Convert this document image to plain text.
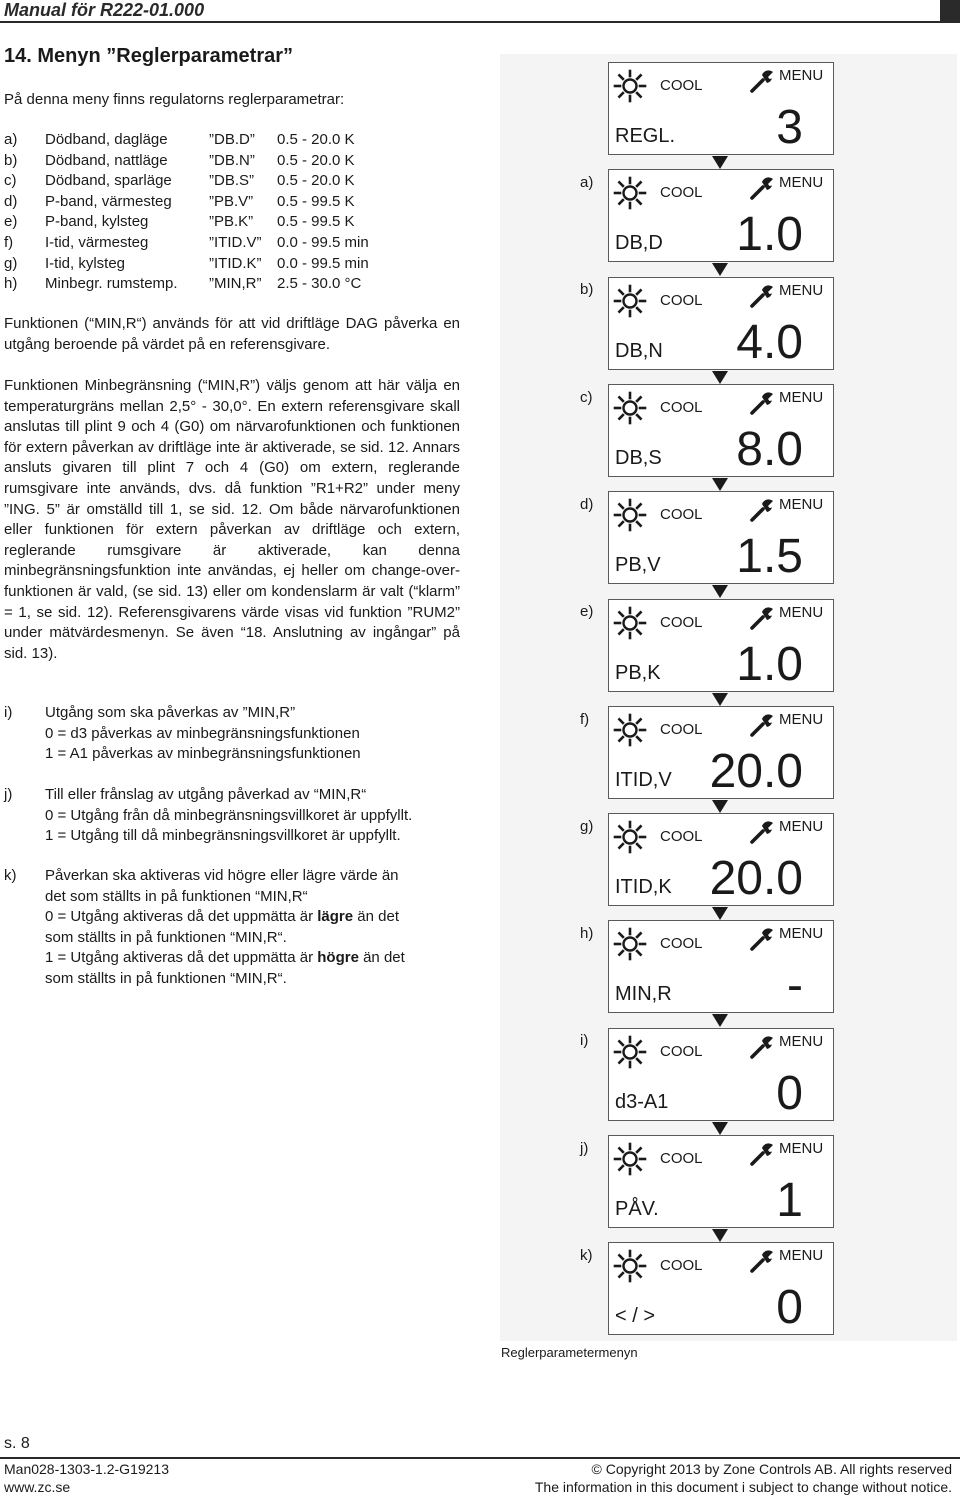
Manual för R222-01.000
14. Menyn ”Reglerparametrar”
På denna meny finns regulatorns reglerparametrar:
a) Dödband, dagläge	”DB.D” 0.5 - 20.0 K
b) Dödband, nattläge	”DB.N” 0.5 - 20.0 K
c) Dödband, sparläge ”DB.S” 0.5 - 20.0 K
d) P-band, värmesteg ”PB.V” 0.5 - 99.5 K
e) P-band, kylsteg	”PB.K” 0.5 - 99.5 K
f) I-tid, värmesteg	”ITID.V” 0.0 - 99.5 min
g) I-tid, kylsteg	”ITID.K” 0.0 - 99.5 min
h) Minbegr. rumstemp. ”MIN,R” 2.5 - 30.0 °C
Funktionen (“MIN,R“) används för att vid driftläge DAG påverka en utgång beroende på värdet på en referensgivare.
Funktionen Minbegränsning (“MIN,R”) väljs genom att här välja en temperaturgräns mellan 2,5° - 30,0°. En extern referensgivare skall anslutas till plint 9 och 4 (G0) om närvarofunktionen och funktionen för extern påverkan av driftläge inte är aktiverade, se sid. 12. Annars ansluts givaren till plint 7 och 4 (G0) om extern, reglerande rumsgivare inte används, dvs. då funktion ”R1+R2” under meny ”ING. 5” är omställd till 1, se sid. 12. Om både närvarofunktionen eller funktionen för extern påverkan av driftläge och extern, reglerande rumsgivare är aktiverade, kan denna minbegränsningsfunktion inte användas, ej heller om change-over-funktionen är vald, (se sid. 13) eller om kondenslarm är valt (“klarm” = 1, se sid. 12). Referensgivarens värde visas vid funktion ”RUM2” under mätvärdesmenyn. Se även “18. Anslutning av ingångar” på sid. 13).
i) Utgång som ska påverkas av ”MIN,R”
0 = d3 påverkas av minbegränsningsfunktionen
1 = A1 påverkas av minbegränsningsfunktionen
j) Till eller frånslag av utgång påverkad av “MIN,R“
0 = Utgång från då minbegränsningsvillkoret är uppfyllt.
1 = Utgång till då minbegränsningsvillkoret är uppfyllt.
k) Påverkan ska aktiveras vid högre eller lägre värde än
det som ställts in på funktionen “MIN,R“
0 = Utgång aktiveras då det uppmätta är lägre än det
som ställts in på funktionen “MIN,R“.
1 = Utgång aktiveras då det uppmätta är högre än det
som ställts in på funktionen “MIN,R“.
COOL
MENU
REGL. 3
a)
COOL
MENU
DB,D 1.0
b)
COOL
MENU
DB,N 4.0
c)
COOL
MENU
DB,S 8.0
d)
COOL
MENU
PB,V 1.5
e)
COOL
MENU
PB,K 1.0
f)
COOL
MENU
ITID,V 20.0
g)
COOL
MENU
ITID,K 20.0
h)
COOL
MENU
MIN,R -
i)
COOL
MENU
d3-A1 0
j)
COOL
MENU
PÅV. 1
k)
COOL
MENU
< / >	0
Reglerparametermenyn
s. 8
Man028-1303-1.2-G19213
www.zc.se
© Copyright 2013 by Zone Controls AB. All rights reserved
The information in this document i subject to change without notice.
